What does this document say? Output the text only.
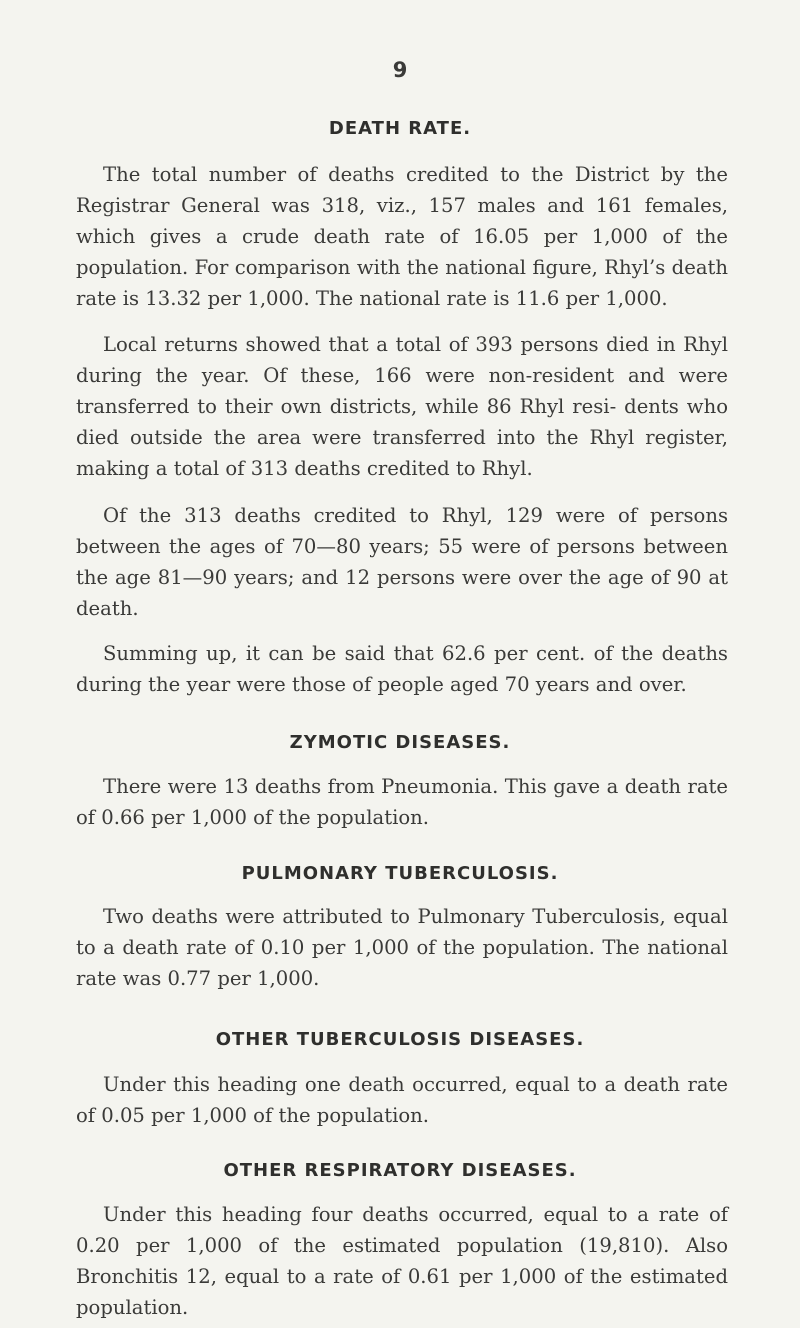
9
DEATH RATE.

The total number of deaths credited to the District by the Registrar General was 318, viz., 157 males and 161 females, which gives a crude death rate of 16.05 per 1,000 of the population. For comparison with the national figure, Rhyl’s death rate is 13.32 per 1,000. The national rate is 11.6 per 1,000.

Local returns showed that a total of 393 persons died in Rhyl during the year. Of these, 166 were non-resident and were transferred to their own districts, while 86 Rhyl resi- dents who died outside the area were transferred into the Rhyl register, making a total of 313 deaths credited to Rhyl.

Of the 313 deaths credited to Rhyl, 129 were of persons between the ages of 70—80 years; 55 were of persons between the age 81—90 years; and 12 persons were over the age of 90 at death.

Summing up, it can be said that 62.6 per cent. of the deaths during the year were those of people aged 70 years and over.

ZYMOTIC DISEASES.

There were 13 deaths from Pneumonia. This gave a death rate of 0.66 per 1,000 of the population.

PULMONARY TUBERCULOSIS.

Two deaths were attributed to Pulmonary Tuberculosis, equal to a death rate of 0.10 per 1,000 of the population. The national rate was 0.77 per 1,000.

OTHER TUBERCULOSIS DISEASES.

Under this heading one death occurred, equal to a death rate of 0.05 per 1,000 of the population.

OTHER RESPIRATORY DISEASES.

Under this heading four deaths occurred, equal to a rate of 0.20 per 1,000 of the estimated population (19,810). Also Bronchitis 12, equal to a rate of 0.61 per 1,000 of the estimated population.
